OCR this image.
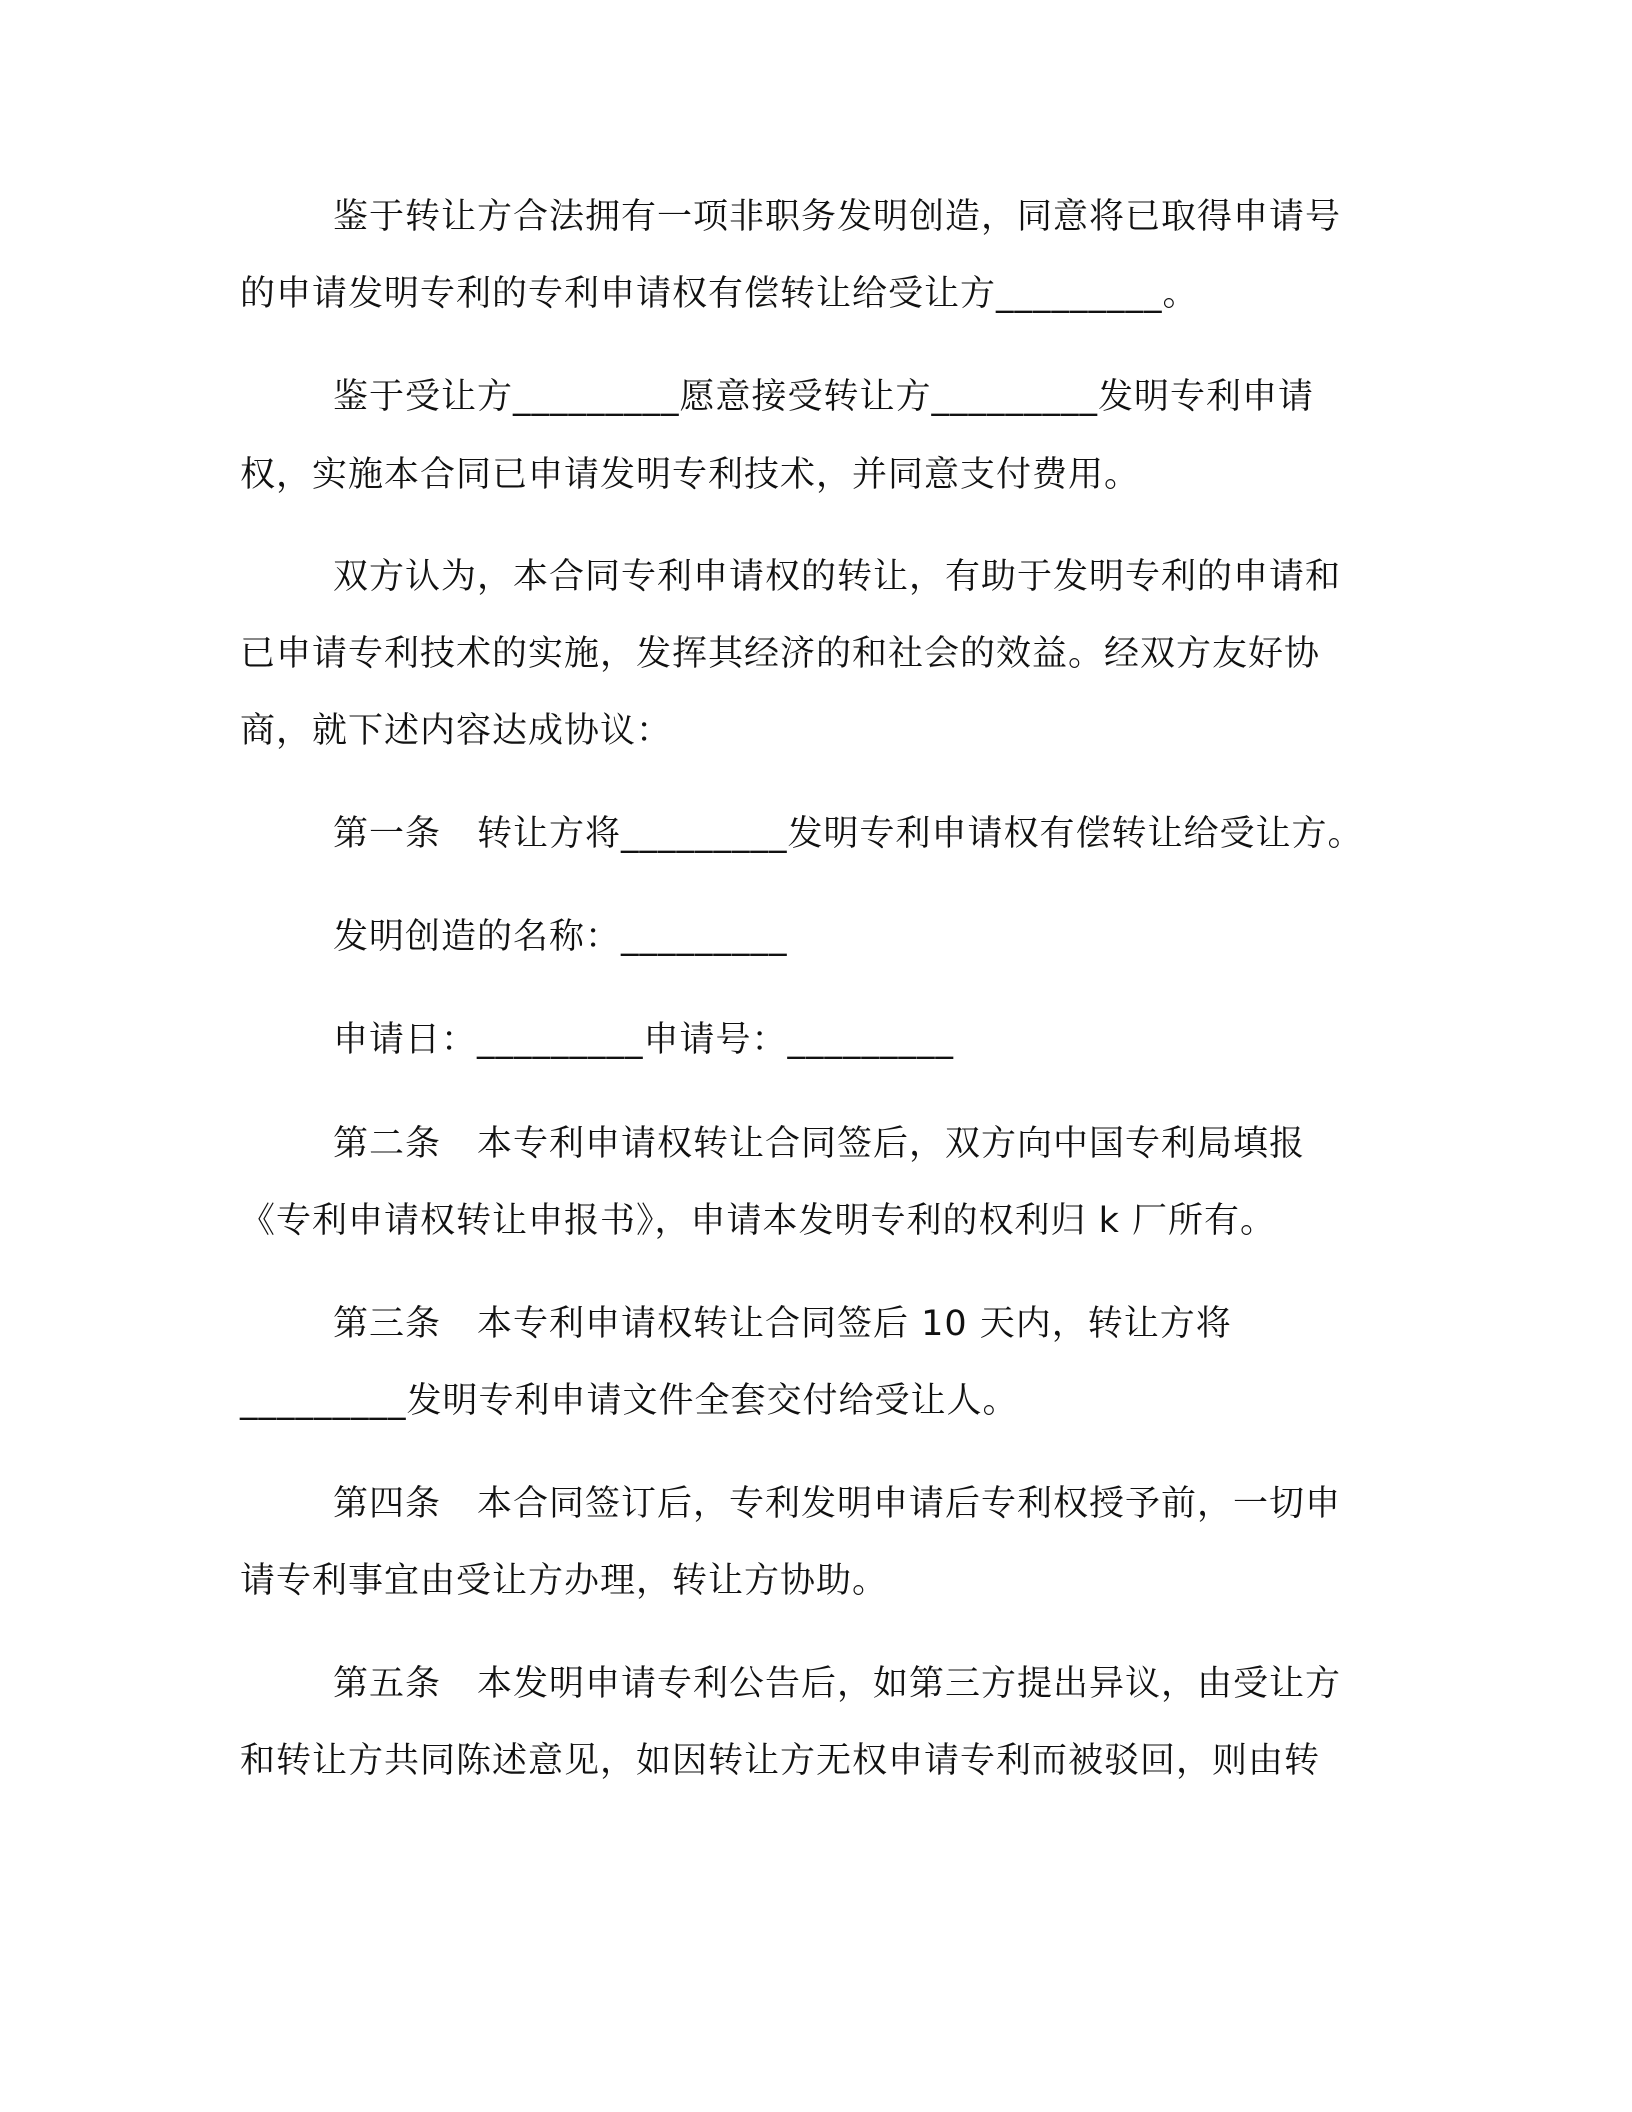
鉴于转让方合法拥有一项非职务发明创造，同意将已取得申请号

的申请发明专利的专利申请权有偿转让给受让方_________。

鉴于受让方_________愿意接受转让方_________发明专利申请

权，实施本合同已申请发明专利技术，并同意支付费用。

双方认为，本合同专利申请权的转让，有助于发明专利的申请和

已申请专利技术的实施，发挥其经济的和社会的效益。经双方友好协

商，就下述内容达成协议：

第一条　转让方将_________发明专利申请权有偿转让给受让方。

发明创造的名称：_________

申请日：_________申请号：_________

第二条　本专利申请权转让合同签后，双方向中国专利局填报

《专利申请权转让申报书》，申请本发明专利的权利归 k 厂所有。

第三条　本专利申请权转让合同签后 10 天内，转让方将

_________发明专利申请文件全套交付给受让人。

第四条　本合同签订后，专利发明申请后专利权授予前，一切申

请专利事宜由受让方办理，转让方协助。

第五条　本发明申请专利公告后，如第三方提出异议，由受让方

和转让方共同陈述意见，如因转让方无权申请专利而被驳回，则由转
